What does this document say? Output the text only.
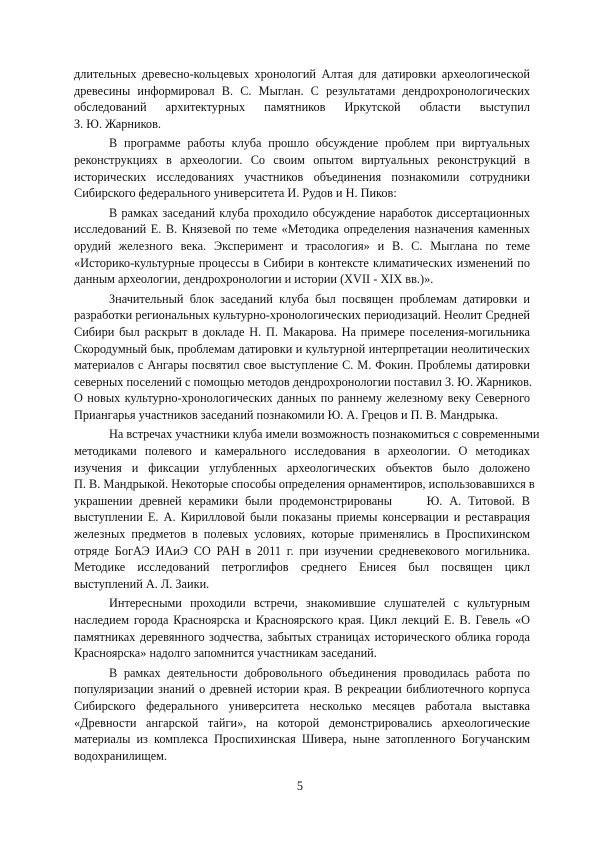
длительных древесно-кольцевых хронологий Алтая для датировки археологической
древесины информировал В. С. Мыглан. С результатами дендрохронологических
обследований архитектурных памятников Иркутской области выступил
З. Ю. Жарников.
В программе работы клуба прошло обсуждение проблем при виртуальных
реконструкциях в археологии. Со своим опытом виртуальных реконструкций в
исторических исследованиях участников объединения познакомили сотрудники
Сибирского федерального университета И. Рудов и Н. Пиков:
В рамках заседаний клуба проходило обсуждение наработок диссертационных
исследований Е. В. Князевой по теме «Методика определения назначения каменных
орудий железного века. Эксперимент и трасология» и В. С. Мыглана по теме
«Историко-культурные процессы в Сибири в контексте климатических изменений по
данным археологии, дендрохронологии и истории (XVII - XIX вв.)».
Значительный блок заседаний клуба был посвящен проблемам датировки и
разработки региональных культурно-хронологических периодизаций. Неолит Средней
Сибири был раскрыт в докладе Н. П. Макарова. На примере поселения-могильника
Скородумный бык, проблемам датировки и культурной интерпретации неолитических
материалов с Ангары посвятил свое выступление С. М. Фокин. Проблемы датировки
северных поселений с помощью методов дендрохронологии поставил З. Ю. Жарников.
О новых культурно-хронологических данных по раннему железному веку Северного
Приангарья участников заседаний познакомили Ю. А. Грецов и П. В. Мандрыка.
На встречах участники клуба имели возможность познакомиться с современными
методиками полевого и камерального исследования в археологии. О методиках
изучения и фиксации углубленных археологических объектов было доложено
П. В. Мандрыкой. Некоторые способы определения орнаментиров, использовавшихся в
украшении древней керамики были продемонстрированы     Ю. А. Титовой. В
выступлении Е. А. Кирилловой были показаны приемы консервации и реставрация
железных предметов в полевых условиях, которые применялись в Проспихинском
отряде БогАЭ ИАиЭ СО РАН в 2011 г. при изучении средневекового могильника.
Методике исследований петроглифов среднего Енисея был посвящен цикл
выступлений А. Л. Заики.
Интересными проходили встречи, знакомившие слушателей с культурным
наследием города Красноярска и Красноярского края. Цикл лекций Е. В. Гевель «О
памятниках деревянного зодчества, забытых страницах исторического облика города
Красноярска» надолго запомнится участникам заседаний.
В рамках деятельности добровольного объединения проводилась работа по
популяризации знаний о древней истории края. В рекреации библиотечного корпуса
Сибирского федерального университета несколько месяцев работала выставка
«Древности ангарской тайги», на которой демонстрировались археологические
материалы из комплекса Проспихинская Шивера, ныне затопленного Богучанским
водохранилищем.
5
